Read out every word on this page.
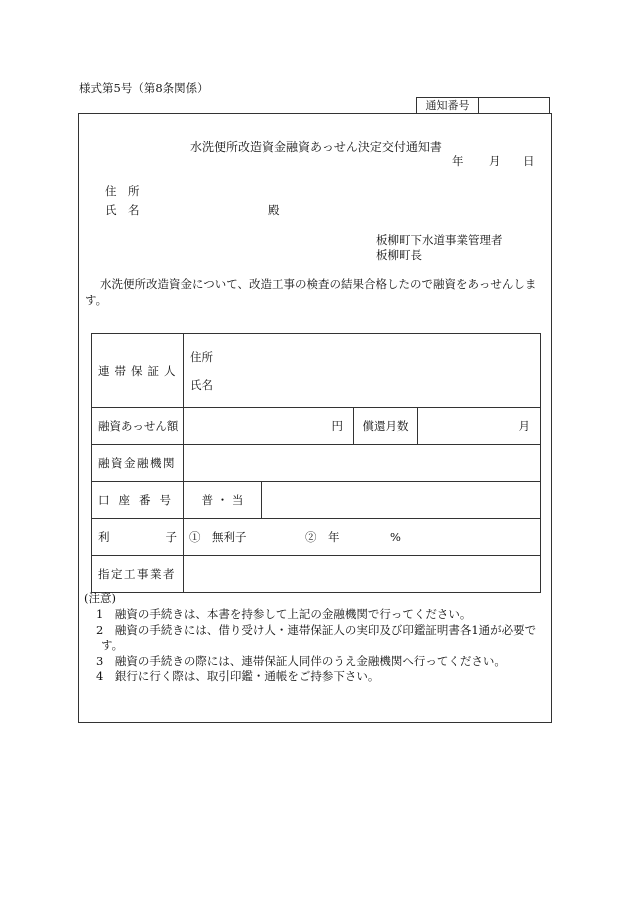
様式第5号（第8条関係）
通知番号
水洗便所改造資金融資あっせん決定交付通知書
年 月 日
住　所
氏　名	殿
板柳町下水道事業管理者
板柳町長
水洗便所改造資金について、改造工事の検査の結果合格したので融資をあっせんしま
す。
連帯保証人	住所
氏名			

融資あっせん額	円		償還月数	月
融資金融機関				
口座番号	普 ・ 当			
利 子	①　無利子 ②　年 %			
指定工事業者				
(注意)
1　 融資の手続きは、本書を持参して上記の金融機関で行ってください。
2　 融資の手続きには、借り受け人・連帯保証人の実印及び印鑑証明書各1通が必要で
す。
3　 融資の手続きの際には、連帯保証人同伴のうえ金融機関へ行ってください。
4　 銀行に行く際は、取引印鑑・通帳をご持参下さい。
